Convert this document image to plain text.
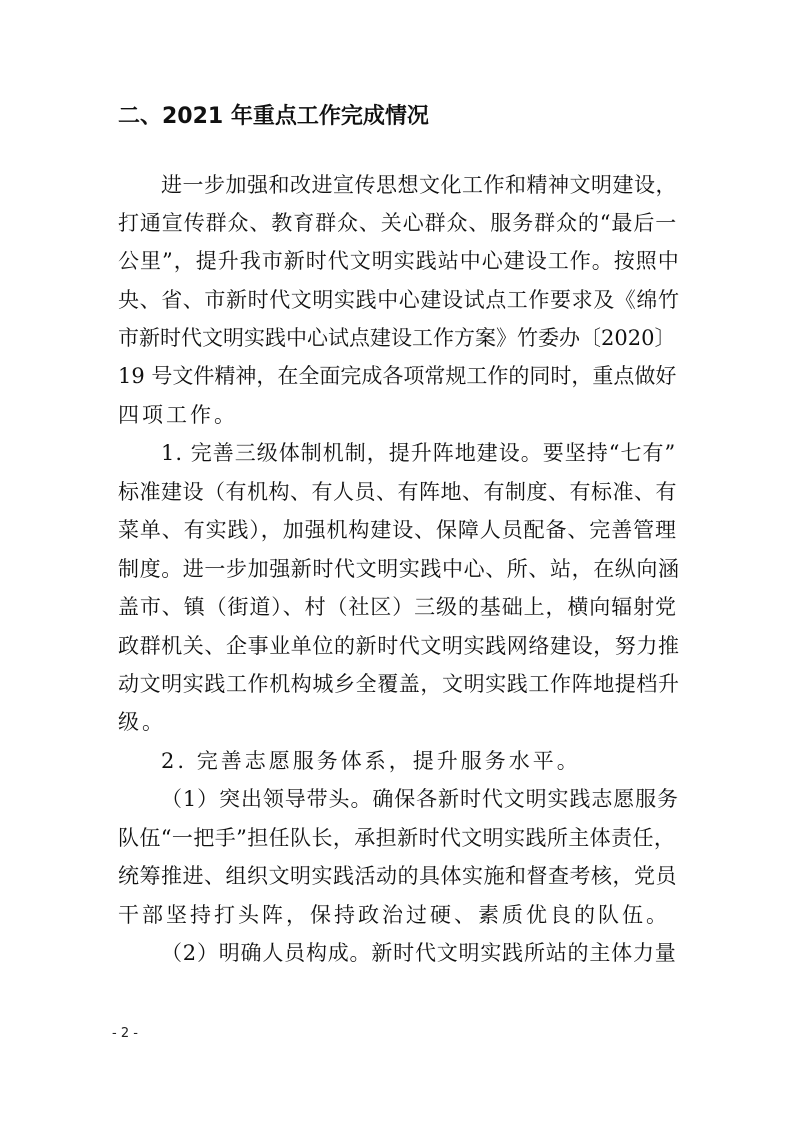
二、2021 年重点工作完成情况
进一步加强和改进宣传思想文化工作和精神文明建设，
打通宣传群众、教育群众、关心群众、服务群众的“最后一
公里”，提升我市新时代文明实践站中心建设工作。按照中
央、省、市新时代文明实践中心建设试点工作要求及《绵竹
市新时代文明实践中心试点建设工作方案》竹委办〔2020〕
19 号文件精神，在全面完成各项常规工作的同时，重点做好
四项工作。
1. 完善三级体制机制，提升阵地建设。要坚持“七有”
标准建设（有机构、有人员、有阵地、有制度、有标准、有
菜单、有实践），加强机构建设、保障人员配备、完善管理
制度。进一步加强新时代文明实践中心、所、站，在纵向涵
盖市、镇（街道）、村（社区）三级的基础上，横向辐射党
政群机关、企事业单位的新时代文明实践网络建设，努力推
动文明实践工作机构城乡全覆盖，文明实践工作阵地提档升
级。
2. 完善志愿服务体系，提升服务水平。
（1）突出领导带头。确保各新时代文明实践志愿服务
队伍“一把手”担任队长，承担新时代文明实践所主体责任，
统筹推进、组织文明实践活动的具体实施和督查考核，党员
干部坚持打头阵，保持政治过硬、素质优良的队伍。
（2）明确人员构成。新时代文明实践所站的主体力量
- 2 -
